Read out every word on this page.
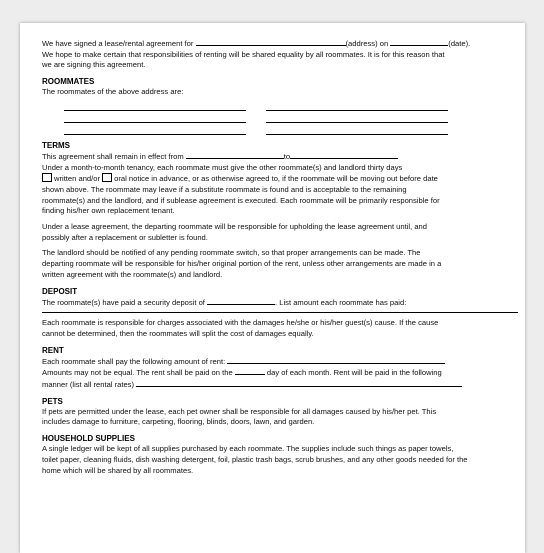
We have signed a lease/rental agreement for	(address) on	(date).

We hope to make certain that responsibilities of renting will be shared equality by all roommates. It is for this reason that

we are signing this agreement.

ROOMMATES

The roommates of the above address are:

TERMS

This agreement shall remain in effect from	to

Under a month-to-month tenancy, each roommate must give the other roommate(s) and landlord thirty days

written and/or oral notice in advance, or as otherwise agreed to, if the roommate will be moving out before date

shown above. The roommate may leave if a substitute roommate is found and is acceptable to the remaining

roommate(s) and the landlord, and if sublease agreement is executed. Each roommate will be primarily responsible for

finding his/her own replacement tenant.

Under a lease agreement, the departing roommate will be responsible for upholding the lease agreement until, and

possibly after a replacement or subletter is found.

The landlord should be notified of any pending roommate switch, so that proper arrangements can be made. The

departing roommate will be responsible for his/her original portion of the rent, unless other arrangements are made in a

written agreement with the roommate(s) and landlord.

DEPOSIT

The roommate(s) have paid a security deposit of	. List amount each roommate has paid:

Each roommate is responsible for charges associated with the damages he/she or his/her guest(s) cause. If the cause

cannot be determined, then the roommates will split the cost of damages equally.

RENT

Each roommate shall pay the following amount of rent:

Amounts may not be equal. The rent shall be paid on the	day of each month. Rent will be paid in the following

manner (list all rental rates)

PETS

If pets are permitted under the lease, each pet owner shall be responsible for all damages caused by his/her pet. This

includes damage to furniture, carpeting, flooring, blinds, doors, lawn, and garden.

HOUSEHOLD SUPPLIES

A single ledger will be kept of all supplies purchased by each roommate. The supplies include such things as paper towels,

toilet paper, cleaning fluids, dish washing detergent, foil, plastic trash bags, scrub brushes, and any other goods needed for the

home which will be shared by all roommates.
